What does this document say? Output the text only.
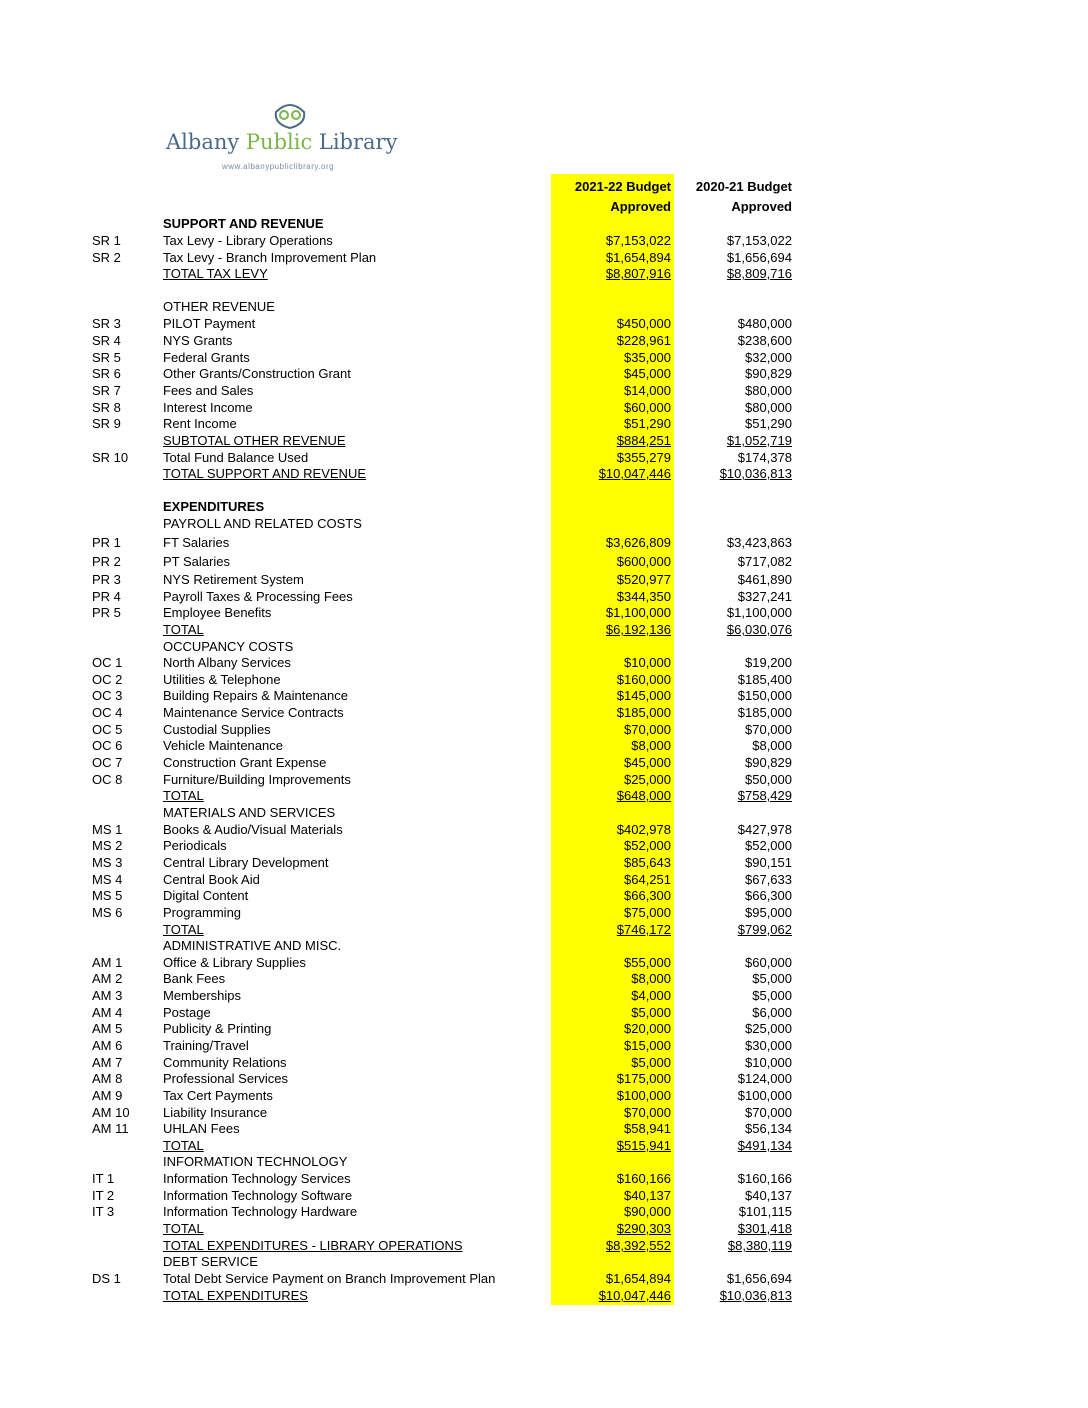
Albany Public Library
www.albanypubliclibrary.org
2021-22 Budget 2020-21 Budget
Approved	Approved
SUPPORT AND REVENUE
SR 1	Tax Levy - Library Operations	$7,153,022	$7,153,022
SR 2	Tax Levy - Branch Improvement Plan	$1,654,894	$1,656,694
TOTAL TAX LEVY	$8,807,916	$8,809,716
OTHER REVENUE
SR 3	PILOT Payment	$450,000	$480,000
SR 4	NYS Grants	$228,961	$238,600
SR 5	Federal Grants	$35,000	$32,000
SR 6	Other Grants/Construction Grant	$45,000	$90,829
SR 7	Fees and Sales	$14,000	$80,000
SR 8	Interest Income	$60,000	$80,000
SR 9	Rent Income	$51,290	$51,290
SUBTOTAL OTHER REVENUE	$884,251	$1,052,719
SR 10	Total Fund Balance Used	$355,279	$174,378
TOTAL SUPPORT AND REVENUE	$10,047,446	$10,036,813
EXPENDITURES
PAYROLL AND RELATED COSTS
PR 1	FT Salaries	$3,626,809	$3,423,863
PR 2	PT Salaries	$600,000	$717,082
PR 3	NYS Retirement System	$520,977	$461,890
PR 4	Payroll Taxes & Processing Fees	$344,350	$327,241
PR 5	Employee Benefits	$1,100,000	$1,100,000
TOTAL	$6,192,136	$6,030,076
OCCUPANCY COSTS
OC 1	North Albany Services	$10,000	$19,200
OC 2	Utilities & Telephone	$160,000	$185,400
OC 3	Building Repairs & Maintenance	$145,000	$150,000
OC 4	Maintenance Service Contracts	$185,000	$185,000
OC 5	Custodial Supplies	$70,000	$70,000
OC 6	Vehicle Maintenance	$8,000	$8,000
OC 7	Construction Grant Expense	$45,000	$90,829
OC 8	Furniture/Building Improvements	$25,000	$50,000
TOTAL	$648,000	$758,429
MATERIALS AND SERVICES
MS 1	Books & Audio/Visual Materials	$402,978	$427,978
MS 2	Periodicals	$52,000	$52,000
MS 3	Central Library Development	$85,643	$90,151
MS 4	Central Book Aid	$64,251	$67,633
MS 5	Digital Content	$66,300	$66,300
MS 6	Programming	$75,000	$95,000
TOTAL	$746,172	$799,062
ADMINISTRATIVE AND MISC.
AM 1	Office & Library Supplies	$55,000	$60,000
AM 2	Bank Fees	$8,000	$5,000
AM 3	Memberships	$4,000	$5,000
AM 4	Postage	$5,000	$6,000
AM 5	Publicity & Printing	$20,000	$25,000
AM 6	Training/Travel	$15,000	$30,000
AM 7	Community Relations	$5,000	$10,000
AM 8	Professional Services	$175,000	$124,000
AM 9	Tax Cert Payments	$100,000	$100,000
AM 10	Liability Insurance	$70,000	$70,000
AM 11	UHLAN Fees	$58,941	$56,134
TOTAL	$515,941	$491,134
INFORMATION TECHNOLOGY
IT 1	Information Technology Services	$160,166	$160,166
IT 2	Information Technology Software	$40,137	$40,137
IT 3	Information Technology Hardware	$90,000	$101,115
TOTAL	$290,303	$301,418
TOTAL EXPENDITURES - LIBRARY OPERATIONS	$8,392,552	$8,380,119
DEBT SERVICE
DS 1	Total Debt Service Payment on Branch Improvement Plan	$1,654,894	$1,656,694
TOTAL EXPENDITURES	$10,047,446	$10,036,813
